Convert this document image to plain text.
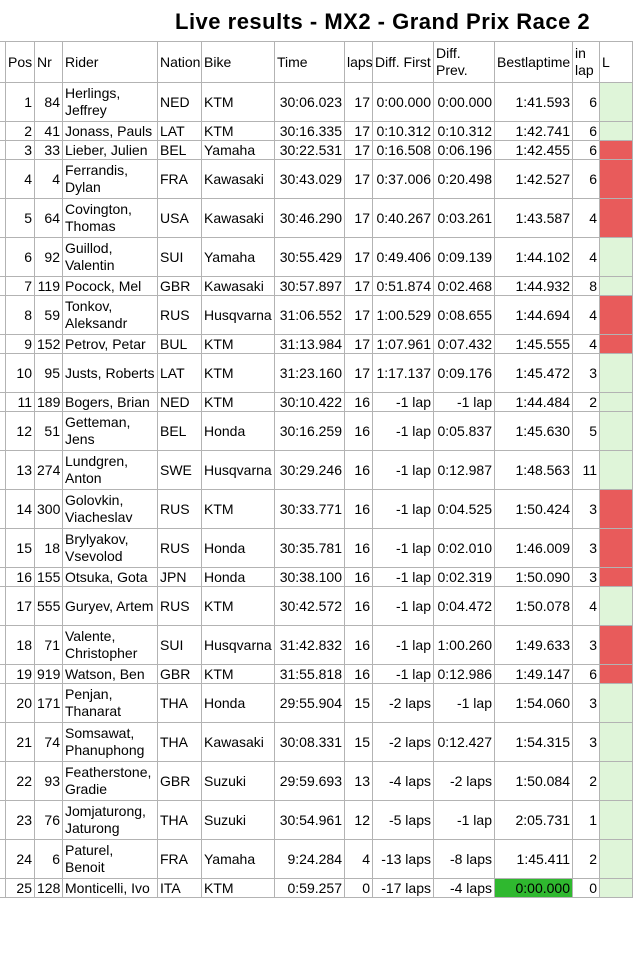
Live results - MX2 - Grand Prix Race 2
	Pos	Nr	Rider	Nation	Bike	Time	laps	Diff. First	Diff. Prev.	Bestlaptime	in lap	L
	1	84	Herlings, Jeffrey	NED	KTM	30:06.023	17	0:00.000	0:00.000	1:41.593	6	
	2	41	Jonass, Pauls	LAT	KTM	30:16.335	17	0:10.312	0:10.312	1:42.741	6	
	3	33	Lieber, Julien	BEL	Yamaha	30:22.531	17	0:16.508	0:06.196	1:42.455	6	
	4	4	Ferrandis, Dylan	FRA	Kawasaki	30:43.029	17	0:37.006	0:20.498	1:42.527	6	
	5	64	Covington, Thomas	USA	Kawasaki	30:46.290	17	0:40.267	0:03.261	1:43.587	4	
	6	92	Guillod, Valentin	SUI	Yamaha	30:55.429	17	0:49.406	0:09.139	1:44.102	4	
	7	119	Pocock, Mel	GBR	Kawasaki	30:57.897	17	0:51.874	0:02.468	1:44.932	8	
	8	59	Tonkov, Aleksandr	RUS	Husqvarna	31:06.552	17	1:00.529	0:08.655	1:44.694	4	
	9	152	Petrov, Petar	BUL	KTM	31:13.984	17	1:07.961	0:07.432	1:45.555	4	
	10	95	Justs, Roberts	LAT	KTM	31:23.160	17	1:17.137	0:09.176	1:45.472	3	
	11	189	Bogers, Brian	NED	KTM	30:10.422	16	-1 lap	-1 lap	1:44.484	2	
	12	51	Getteman, Jens	BEL	Honda	30:16.259	16	-1 lap	0:05.837	1:45.630	5	
	13	274	Lundgren, Anton	SWE	Husqvarna	30:29.246	16	-1 lap	0:12.987	1:48.563	11	
	14	300	Golovkin, Viacheslav	RUS	KTM	30:33.771	16	-1 lap	0:04.525	1:50.424	3	
	15	18	Brylyakov, Vsevolod	RUS	Honda	30:35.781	16	-1 lap	0:02.010	1:46.009	3	
	16	155	Otsuka, Gota	JPN	Honda	30:38.100	16	-1 lap	0:02.319	1:50.090	3	
	17	555	Guryev, Artem	RUS	KTM	30:42.572	16	-1 lap	0:04.472	1:50.078	4	
	18	71	Valente, Christopher	SUI	Husqvarna	31:42.832	16	-1 lap	1:00.260	1:49.633	3	
	19	919	Watson, Ben	GBR	KTM	31:55.818	16	-1 lap	0:12.986	1:49.147	6	
	20	171	Penjan, Thanarat	THA	Honda	29:55.904	15	-2 laps	-1 lap	1:54.060	3	
	21	74	Somsawat, Phanuphong	THA	Kawasaki	30:08.331	15	-2 laps	0:12.427	1:54.315	3	
	22	93	Featherstone, Gradie	GBR	Suzuki	29:59.693	13	-4 laps	-2 laps	1:50.084	2	
	23	76	Jomjaturong, Jaturong	THA	Suzuki	30:54.961	12	-5 laps	-1 lap	2:05.731	1	
	24	6	Paturel, Benoit	FRA	Yamaha	9:24.284	4	-13 laps	-8 laps	1:45.411	2	
	25	128	Monticelli, Ivo	ITA	KTM	0:59.257	0	-17 laps	-4 laps	0:00.000	0	
